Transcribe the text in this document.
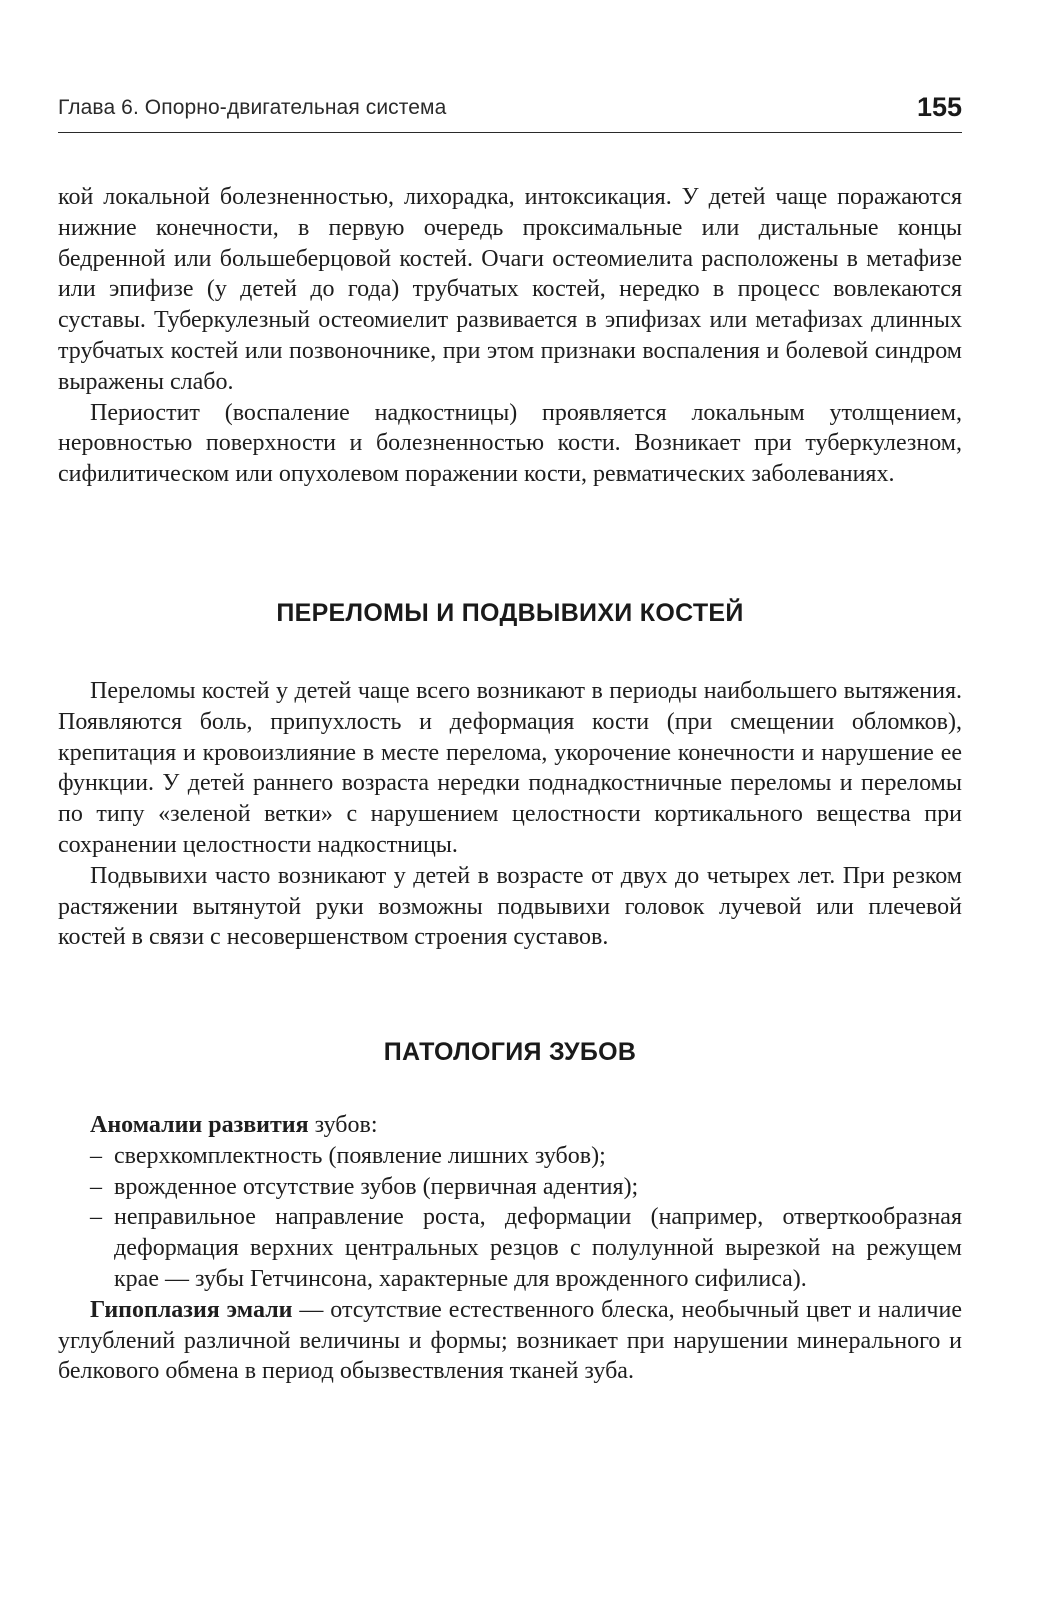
Глава 6. Опорно-двигательная система	155

кой локальной болезненностью, лихорадка, интоксикация. У детей чаще поражаются нижние конечности, в первую очередь проксимальные или дистальные концы бедренной или большеберцовой костей. Очаги остеомиелита расположены в метафизе или эпифизе (у детей до года) трубчатых костей, нередко в процесс вовлекаются суставы. Туберкулезный остеомиелит развивается в эпифизах или метафизах длинных трубчатых костей или позвоночнике, при этом признаки воспаления и болевой синдром выражены слабо.

Периостит (воспаление надкостницы) проявляется локальным утолщением, неровностью поверхности и болезненностью кости. Возникает при туберкулезном, сифилитическом или опухолевом поражении кости, ревматических заболеваниях.

ПЕРЕЛОМЫ И ПОДВЫВИХИ КОСТЕЙ

Переломы костей у детей чаще всего возникают в периоды наибольшего вытяжения. Появляются боль, припухлость и деформация кости (при смещении обломков), крепитация и кровоизлияние в месте перелома, укорочение конечности и нарушение ее функции. У детей раннего возраста нередки поднадкостничные переломы и переломы по типу «зеленой ветки» с нарушением целостности кортикального вещества при сохранении целостности надкостницы.

Подвывихи часто возникают у детей в возрасте от двух до четырех лет. При резком растяжении вытянутой руки возможны подвывихи головок лучевой или плечевой костей в связи с несовершенством строения суставов.

ПАТОЛОГИЯ ЗУБОВ

Аномалии развития зубов:

– сверхкомплектность (появление лишних зубов);
– врожденное отсутствие зубов (первичная адентия);
– неправильное направление роста, деформации (например, отверткообразная деформация верхних центральных резцов с полулунной вырезкой на режущем крае — зубы Гетчинсона, характерные для врожденного сифилиса).

Гипоплазия эмали — отсутствие естественного блеска, необычный цвет и наличие углублений различной величины и формы; возникает при нарушении минерального и белкового обмена в период обызвествления тканей зуба.
